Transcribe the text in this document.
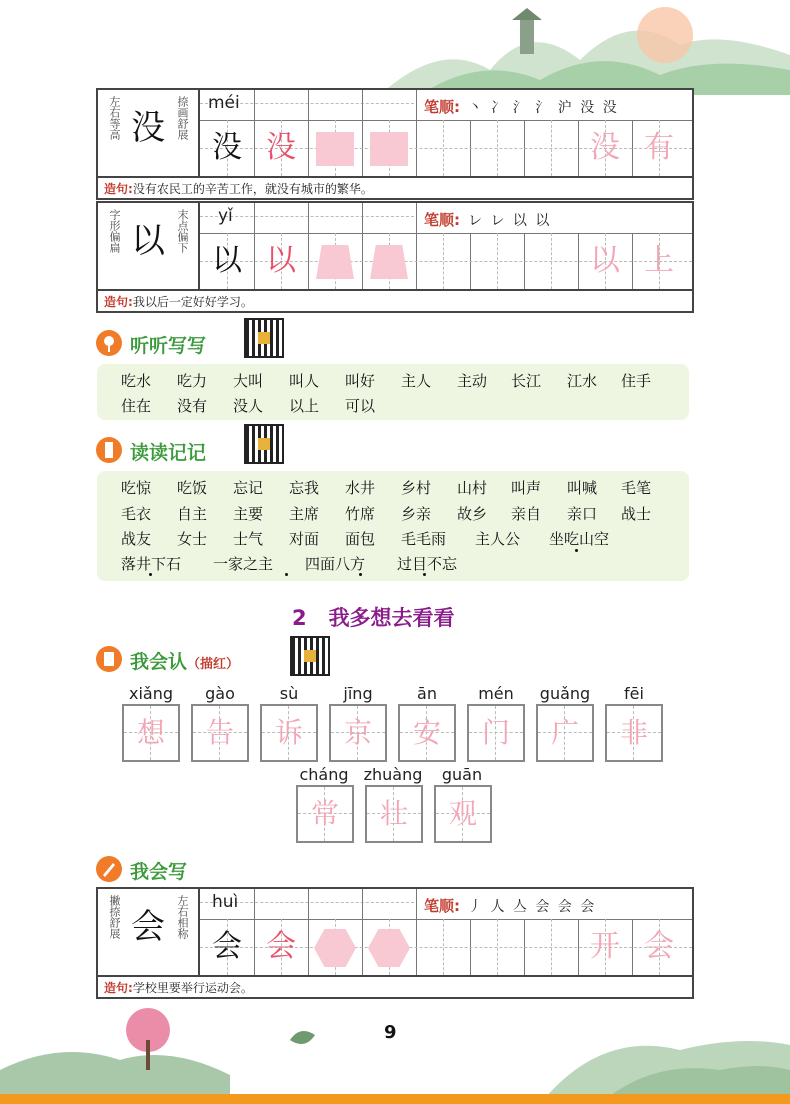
左右等高 没 捺画舒展 méi	笔顺: 丶 冫 氵 氵 沪 没 没
没 没	没 有
造句:没有农民工的辛苦工作，就没有城市的繁华。
字形偏扁 以 末点偏下 yǐ	笔顺: レ レ 以 以
以 以	以 上
造句:我以后一定好好学习。
听听写写
吃水 吃力 大叫 叫人 叫好 主人 主动 长江 江水 住手
住在 没有 没人 以上 可以
读读记记
吃惊 吃饭 忘记 忘我 水井 乡村 山村 叫声 叫喊 毛笔
毛衣 自主 主要 主席 竹席 乡亲 故乡 亲自 亲口 战士
战友 女士 士气 对面 面包 毛毛雨 主人公 坐吃山空
落井下石 一家之主 四面八方 过目不忘
2 我多想去看看
我会认（描红）
xiǎng
想
gào
告
sù
诉
jīng
京
ān
安
mén
门
guǎng
广
fēi
非
cháng
常
zhuàng
壮
guān
观
我会写
撇捺舒展 会 左右相称 huì	笔顺: 丿 人 亼 会 会 会
会 会	开 会
造句:学校里要举行运动会。
9
